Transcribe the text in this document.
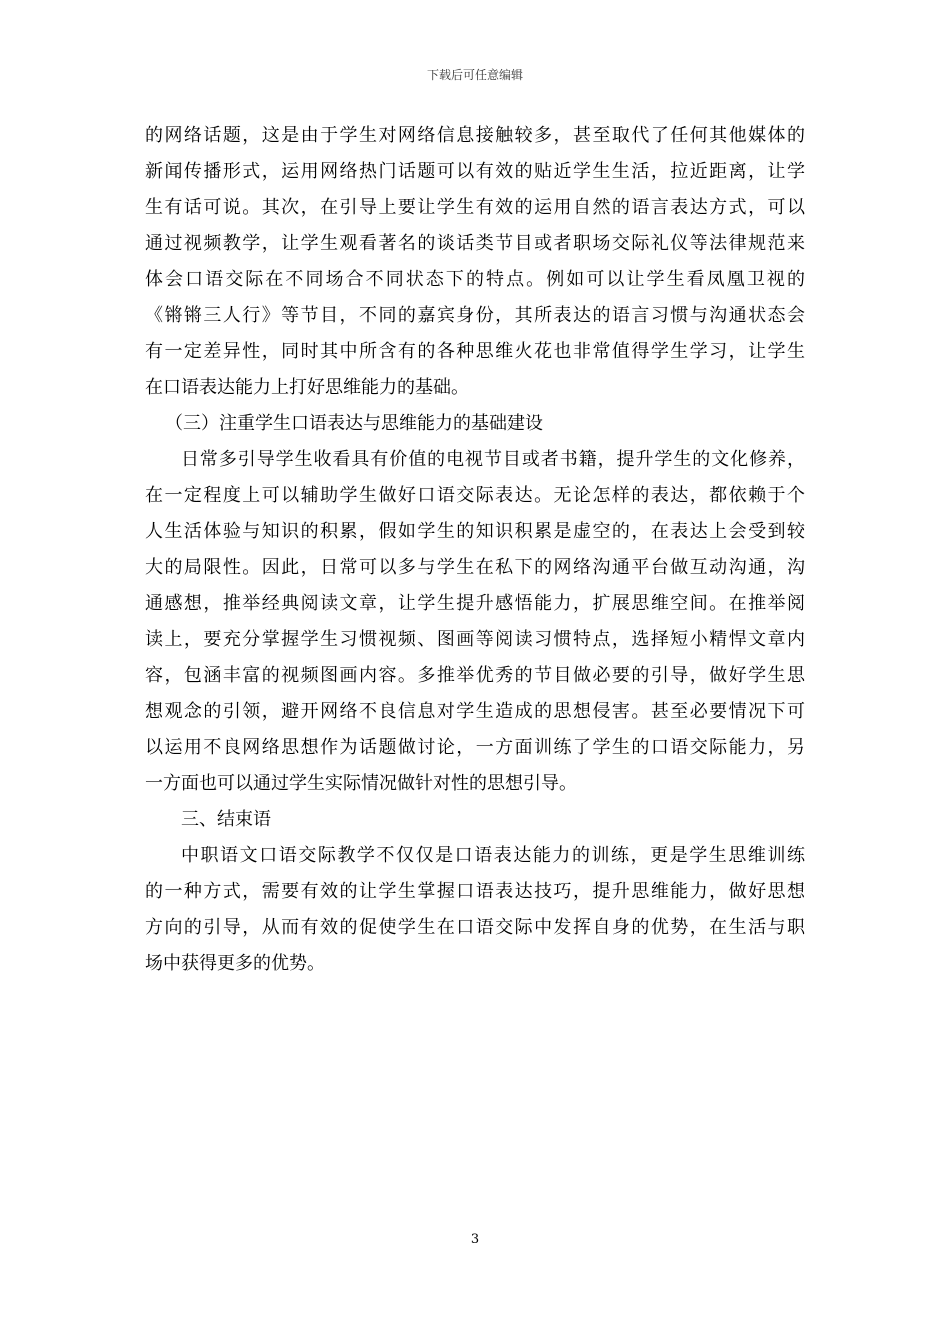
下载后可任意编辑
的网络话题，这是由于学生对网络信息接触较多，甚至取代了任何其他媒体的
新闻传播形式，运用网络热门话题可以有效的贴近学生生活，拉近距离，让学
生有话可说。其次，在引导上要让学生有效的运用自然的语言表达方式，可以
通过视频教学，让学生观看著名的谈话类节目或者职场交际礼仪等法律规范来
体会口语交际在不同场合不同状态下的特点。例如可以让学生看凤凰卫视的
《锵锵三人行》等节目，不同的嘉宾身份，其所表达的语言习惯与沟通状态会
有一定差异性，同时其中所含有的各种思维火花也非常值得学生学习，让学生
在口语表达能力上打好思维能力的基础。
（三）注重学生口语表达与思维能力的基础建设
日常多引导学生收看具有价值的电视节目或者书籍，提升学生的文化修养，
在一定程度上可以辅助学生做好口语交际表达。无论怎样的表达，都依赖于个
人生活体验与知识的积累，假如学生的知识积累是虚空的，在表达上会受到较
大的局限性。因此，日常可以多与学生在私下的网络沟通平台做互动沟通，沟
通感想，推举经典阅读文章，让学生提升感悟能力，扩展思维空间。在推举阅
读上，要充分掌握学生习惯视频、图画等阅读习惯特点，选择短小精悍文章内
容，包涵丰富的视频图画内容。多推举优秀的节目做必要的引导，做好学生思
想观念的引领，避开网络不良信息对学生造成的思想侵害。甚至必要情况下可
以运用不良网络思想作为话题做讨论，一方面训练了学生的口语交际能力，另
一方面也可以通过学生实际情况做针对性的思想引导。
三、结束语
中职语文口语交际教学不仅仅是口语表达能力的训练，更是学生思维训练
的一种方式，需要有效的让学生掌握口语表达技巧，提升思维能力，做好思想
方向的引导，从而有效的促使学生在口语交际中发挥自身的优势，在生活与职
场中获得更多的优势。
3
